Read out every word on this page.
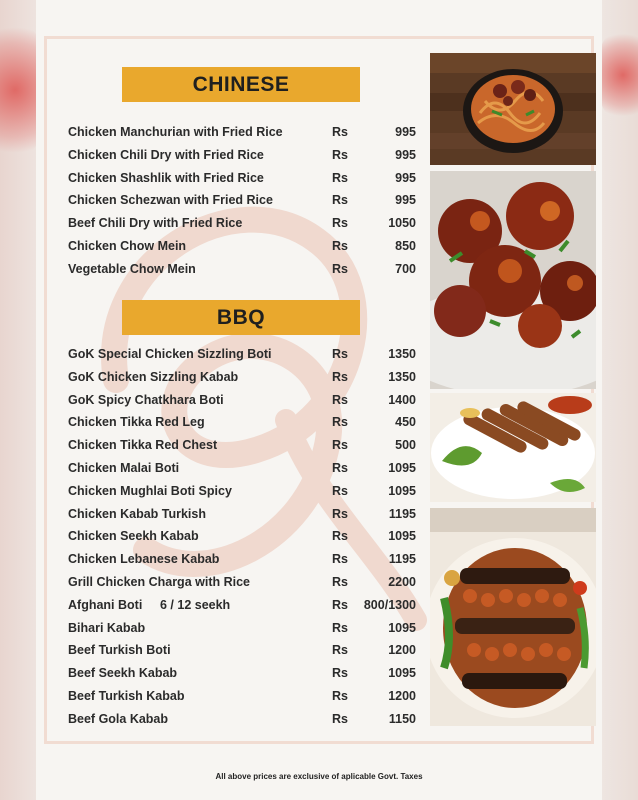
CHINESE
Chicken Manchurian with Fried Rice	Rs	995
Chicken Chili Dry with Fried Rice	Rs	995
Chicken Shashlik with Fried Rice	Rs	995
Chicken Schezwan with Fried Rice	Rs	995
Beef Chili Dry with Fried Rice	Rs	1050
Chicken Chow Mein	Rs	850
Vegetable Chow Mein	Rs	700
BBQ
GoK Special Chicken Sizzling Boti	Rs	1350
GoK Chicken Sizzling Kabab	Rs	1350
GoK Spicy Chatkhara Boti	Rs	1400
Chicken Tikka Red Leg	Rs	450
Chicken Tikka Red Chest	Rs	500
Chicken Malai Boti	Rs	1095
Chicken Mughlai Boti Spicy	Rs	1095
Chicken Kabab Turkish	Rs	1195
Chicken Seekh Kabab	Rs	1095
Chicken Lebanese Kabab	Rs	1195
Grill Chicken Charga with Rice	Rs	2200
Afghani Boti 6 / 12 seekh	Rs 800/1300
Bihari Kabab	Rs	1095
Beef Turkish Boti	Rs	1200
Beef Seekh Kabab	Rs	1095
Beef Turkish Kabab	Rs	1200
Beef Gola Kabab	Rs	1150
All above prices are exclusive of aplicable Govt. Taxes
